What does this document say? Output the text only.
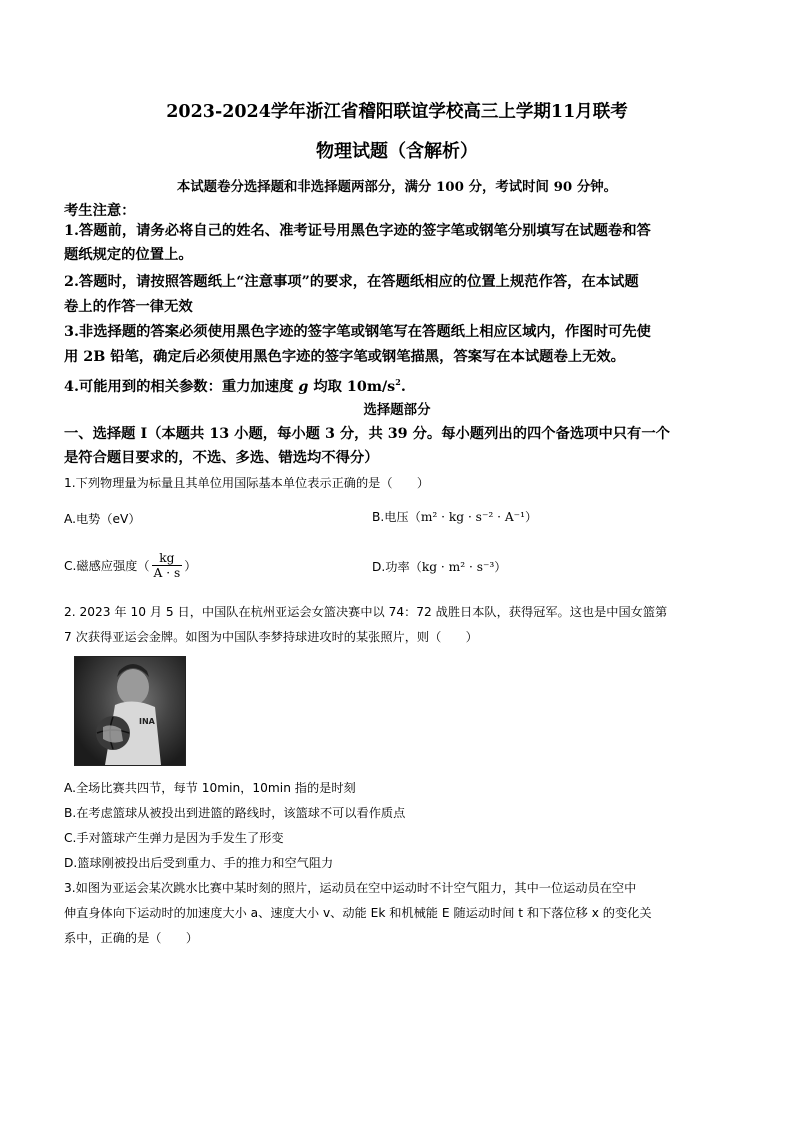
2023-2024学年浙江省稽阳联谊学校高三上学期11月联考
物理试题（含解析）
本试题卷分选择题和非选择题两部分，满分 100 分，考试时间 90 分钟。
考生注意：
1.答题前，请务必将自己的姓名、准考证号用黑色字迹的签字笔或钢笔分别填写在试题卷和答
题纸规定的位置上。
2.答题时，请按照答题纸上“注意事项”的要求，在答题纸相应的位置上规范作答，在本试题
卷上的作答一律无效
3.非选择题的答案必须使用黑色字迹的签字笔或钢笔写在答题纸上相应区域内，作图时可先使
用 2B 铅笔，确定后必须使用黑色字迹的签字笔或钢笔描黑，答案写在本试题卷上无效。
4.可能用到的相关参数：重力加速度 g 均取 $10m/s^2$.
选择题部分
一、选择题 I（本题共 13 小题，每小题 3 分，共 39 分。每小题列出的四个备选项中只有一个
是符合题目要求的，不选、多选、错选均不得分）
1.下列物理量为标量且其单位用国际基本单位表示正确的是（　　）
A.电势（eV）	B.电压（m² · kg · s⁻² · A⁻¹）
C.磁感应强度（ $\frac{kg}{A \cdot s}$ ）	D.功率（kg · m² · s⁻³）
2. 2023 年 10 月 5 日，中国队在杭州亚运会女篮决赛中以 74：72 战胜日本队，获得冠军。这也是中国女篮第
7 次获得亚运会金牌。如图为中国队李梦持球进攻时的某张照片，则（　　）
INA
A.全场比赛共四节，每节 10min，10min 指的是时刻
B.在考虑篮球从被投出到进篮的路线时，该篮球不可以看作质点
C.手对篮球产生弹力是因为手发生了形变
D.篮球刚被投出后受到重力、手的推力和空气阻力
3.如图为亚运会某次跳水比赛中某时刻的照片，运动员在空中运动时不计空气阻力，其中一位运动员在空中
伸直身体向下运动时的加速度大小 a、速度大小 v、动能 Ek 和机械能 E 随运动时间 t 和下落位移 x 的变化关
系中，正确的是（　　）
